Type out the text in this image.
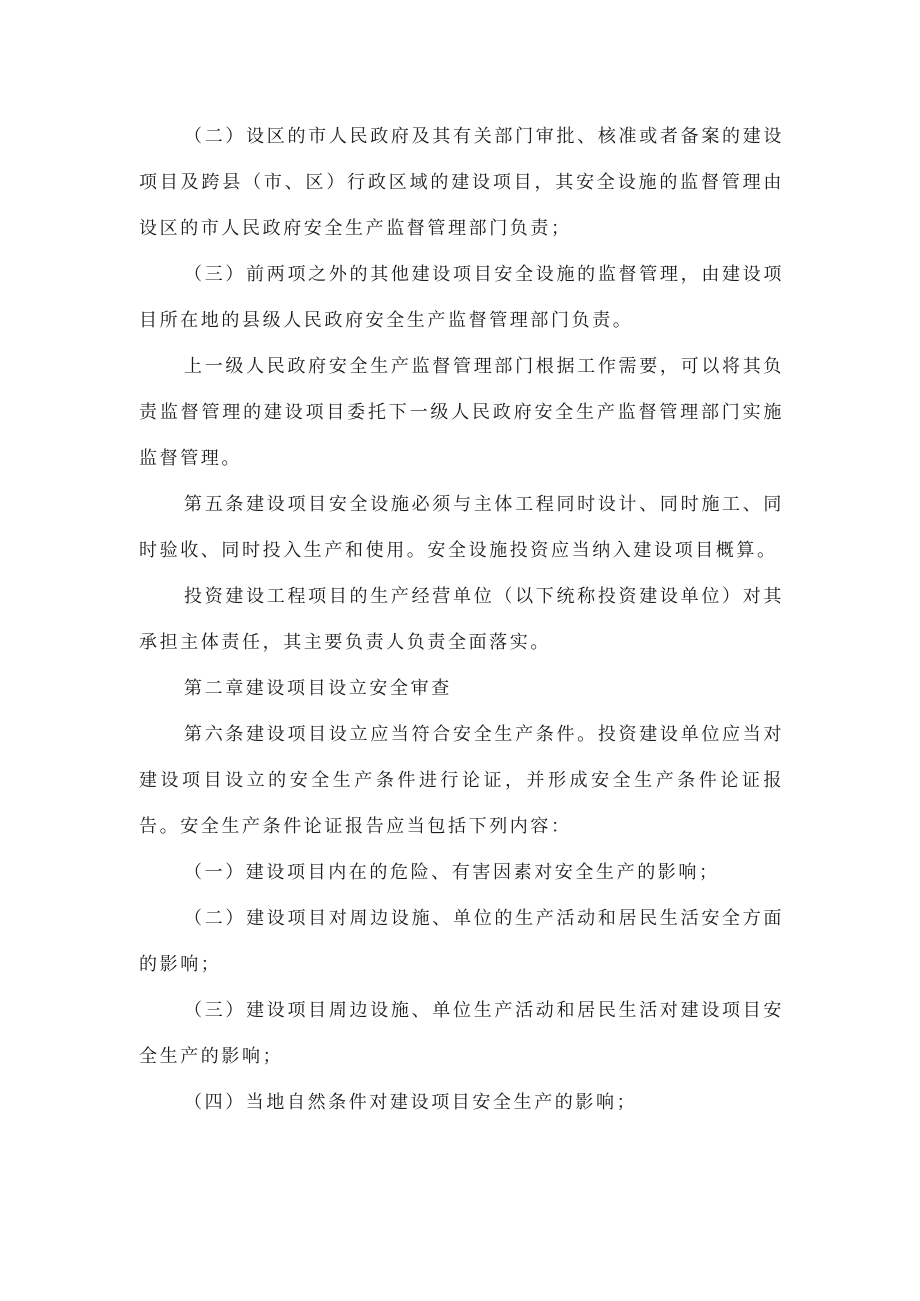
（二）设区的市人民政府及其有关部门审批、核准或者备案的建设项目及跨县（市、区）行政区域的建设项目，其安全设施的监督管理由设区的市人民政府安全生产监督管理部门负责；

（三）前两项之外的其他建设项目安全设施的监督管理，由建设项目所在地的县级人民政府安全生产监督管理部门负责。

上一级人民政府安全生产监督管理部门根据工作需要，可以将其负责监督管理的建设项目委托下一级人民政府安全生产监督管理部门实施监督管理。

第五条建设项目安全设施必须与主体工程同时设计、同时施工、同时验收、同时投入生产和使用。安全设施投资应当纳入建设项目概算。

投资建设工程项目的生产经营单位（以下统称投资建设单位）对其承担主体责任，其主要负责人负责全面落实。

第二章建设项目设立安全审查

第六条建设项目设立应当符合安全生产条件。投资建设单位应当对建设项目设立的安全生产条件进行论证，并形成安全生产条件论证报告。安全生产条件论证报告应当包括下列内容：

（一）建设项目内在的危险、有害因素对安全生产的影响；

（二）建设项目对周边设施、单位的生产活动和居民生活安全方面的影响；

（三）建设项目周边设施、单位生产活动和居民生活对建设项目安全生产的影响；

（四）当地自然条件对建设项目安全生产的影响；
